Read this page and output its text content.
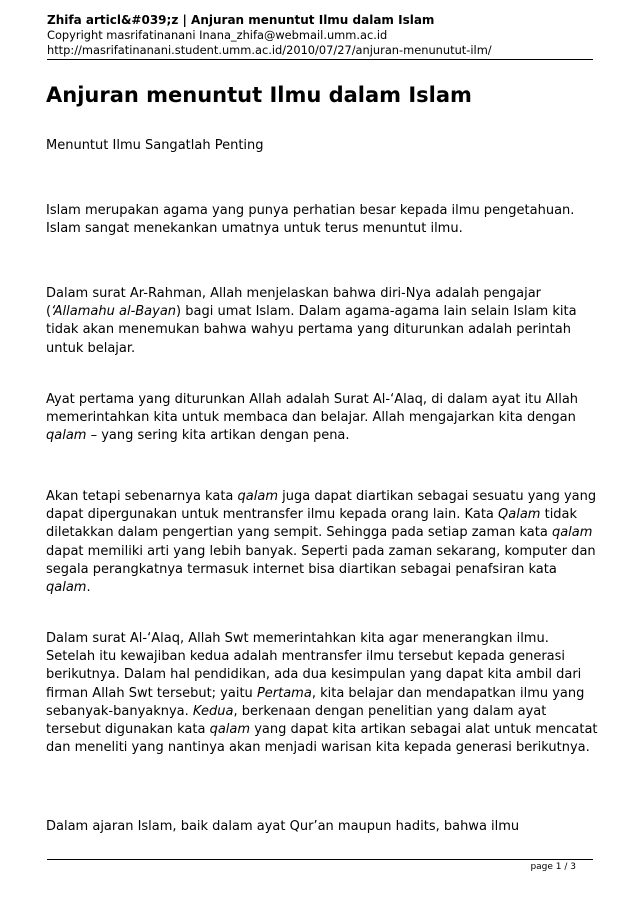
Zhifa articl&#039;z | Anjuran menuntut Ilmu dalam Islam

Copyright masrifatinanani Inana_zhifa@webmail.umm.ac.id

http://masrifatinanani.student.umm.ac.id/2010/07/27/anjuran-menunutut-ilm/

Anjuran menuntut Ilmu dalam Islam

Menuntut Ilmu Sangatlah Penting

Islam merupakan agama yang punya perhatian besar kepada ilmu pengetahuan. Islam sangat menekankan umatnya untuk terus menuntut ilmu.

Dalam surat Ar-Rahman, Allah menjelaskan bahwa diri-Nya adalah pengajar (‘Allamahu al-Bayan) bagi umat Islam. Dalam agama-agama lain selain Islam kita tidak akan menemukan bahwa wahyu pertama yang diturunkan adalah perintah untuk belajar.

Ayat pertama yang diturunkan Allah adalah Surat Al-‘Alaq, di dalam ayat itu Allah memerintahkan kita untuk membaca dan belajar. Allah mengajarkan kita dengan qalam – yang sering kita artikan dengan pena.

Akan tetapi sebenarnya kata qalam juga dapat diartikan sebagai sesuatu yang yang dapat dipergunakan untuk mentransfer ilmu kepada orang lain. Kata Qalam tidak diletakkan dalam pengertian yang sempit. Sehingga pada setiap zaman kata qalam dapat memiliki arti yang lebih banyak. Seperti pada zaman sekarang, komputer dan segala perangkatnya termasuk internet bisa diartikan sebagai penafsiran kata qalam.

Dalam surat Al-‘Alaq, Allah Swt memerintahkan kita agar menerangkan ilmu. Setelah itu kewajiban kedua adalah mentransfer ilmu tersebut kepada generasi berikutnya. Dalam hal pendidikan, ada dua kesimpulan yang dapat kita ambil dari firman Allah Swt tersebut; yaitu Pertama, kita belajar dan mendapatkan ilmu yang sebanyak-banyaknya. Kedua, berkenaan dengan penelitian yang dalam ayat tersebut digunakan kata qalam yang dapat kita artikan sebagai alat untuk mencatat dan meneliti yang nantinya akan menjadi warisan kita kepada generasi berikutnya.

Dalam ajaran Islam, baik dalam ayat Qur’an maupun hadits, bahwa ilmu

page 1 / 3
